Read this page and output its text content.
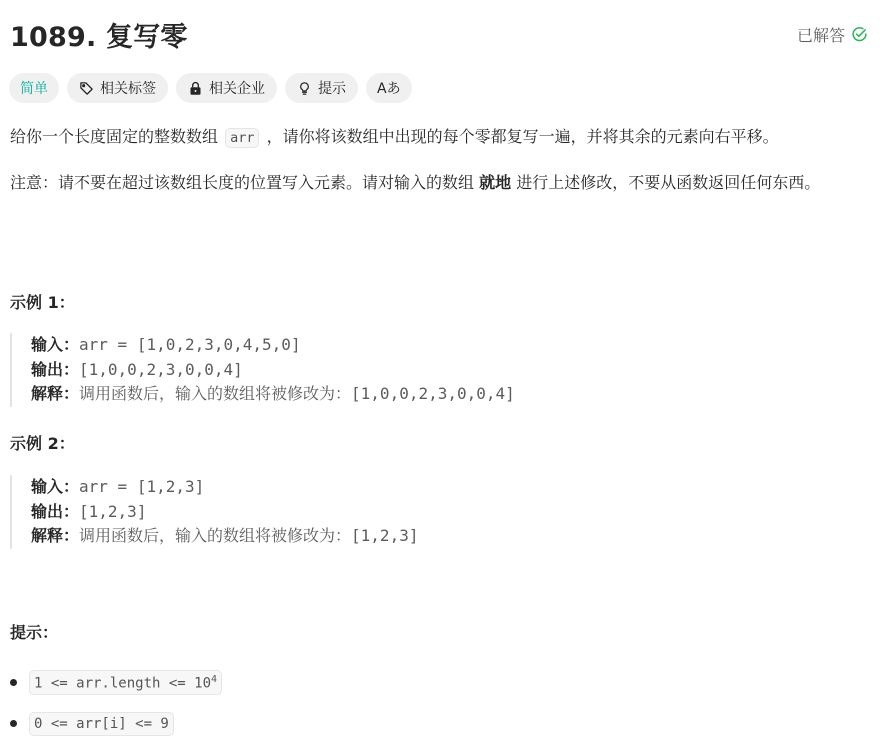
1089. 复写零	已解答
简单	相关标签	相关企业	提示 Aあ
给你一个长度固定的整数数组 arr ，请你将该数组中出现的每个零都复写一遍，并将其余的元素向右平移。
注意：请不要在超过该数组长度的位置写入元素。请对输入的数组 就地 进行上述修改，不要从函数返回任何东西。
示例 1：
输入：arr = [1,0,2,3,0,4,5,0]
输出：[1,0,0,2,3,0,0,4]
解释：调用函数后，输入的数组将被修改为：[1,0,0,2,3,0,0,4]
示例 2：
输入：arr = [1,2,3]
输出：[1,2,3]
解释：调用函数后，输入的数组将被修改为：[1,2,3]
提示：
1 <= arr.length <= $10^4$
0 <= arr[i] <= 9
